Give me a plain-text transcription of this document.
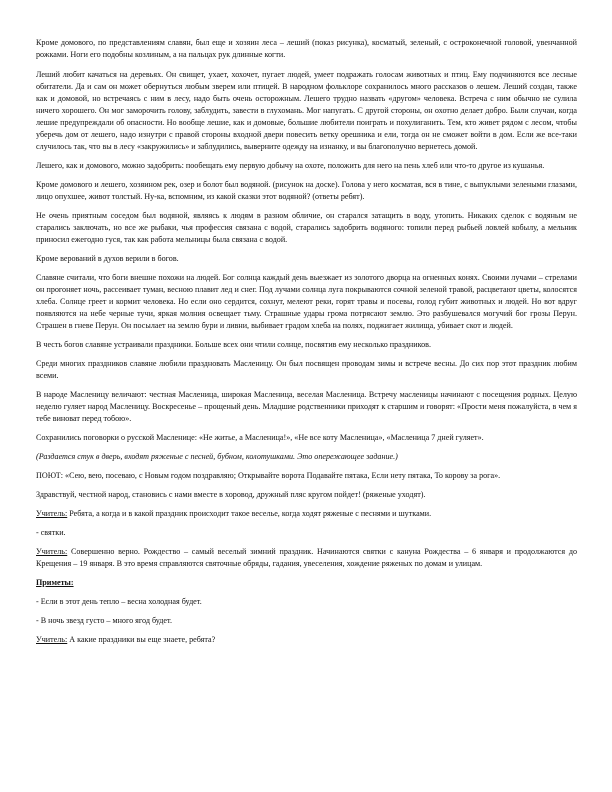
Кроме домового, по представлениям славян, был еще и хозяин леса – леший (показ рисунка), косматый, зеленый, с остроконечной головой, увенчанной рожками. Ноги его подобны козлиным, а на пальцах рук длинные когти.

Леший любит качаться на деревьях. Он свищет, ухает, хохочет, пугает людей, умеет подражать голосам животных и птиц. Ему подчиняются все лесные обитатели. Да и сам он может обернуться любым зверем или птицей. В народном фольклоре сохранилось много рассказов о лешем. Леший создан, также как и домовой, но встречаясь с ним в лесу, надо быть очень осторожным. Лешего трудно назвать «другом» человека. Встреча с ним обычно не сулила ничего хорошего. Он мог заморочить голову, заблудить, завести в глухомань. Мог напугать. С другой стороны, он охотно делает добро. Были случаи, когда лешие предупреждали об опасности. Но вообще лешие, как и домовые, большие любители поиграть и похулиганить. Тем, кто живет рядом с лесом, чтобы уберечь дом от лешего, надо изнутри с правой стороны входной двери повесить ветку орешника и ели, тогда он не сможет войти в дом. Если же все-таки случилось так, что вы в лесу «закружились» и заблудились, выверните одежду на изнанку, и вы благополучно вернетесь домой.

Лешего, как и домового, можно задобрить: пообещать ему первую добычу на охоте, положить для него на пень хлеб или что-то другое из кушанья.

Кроме домового и лешего, хозяином рек, озер и болот был водяной. (рисунок на доске). Голова у него косматая, вся в тине, с выпуклыми зелеными глазами, лицо опухшее, живот толстый. Ну-ка, вспомним, из какой сказки этот водяной? (ответы ребят).

Не очень приятным соседом был водяной, являясь к людям в разном обличие, он старался затащить в воду, утопить. Никаких сделок с водяным не старались заключать, но все же рыбаки, чья профессия связана с водой, старались задобрить водяного: топили перед рыбьей ловлей кобылу, а мельник приносил ежегодно гуся, так как работа мельницы была связана с водой.

Кроме верований в духов верили в богов.

Славяне считали, что боги внешне похожи на людей. Бог солнца каждый день выезжает из золотого дворца на огненных конях. Своими лучами – стрелами он прогоняет ночь, рассеивает туман, весною плавит лед и снег. Под лучами солнца луга покрываются сочной зеленой травой, расцветают цветы, колосятся хлеба. Солнце греет и кормит человека. Но если оно сердится, сохнут, мелеют реки, горят травы и посевы, голод губит животных и людей. Но вот вдруг появляются на небе черные тучи, яркая молния освещает тьму. Страшные удары грома потрясают землю. Это разбушевался могучий бог грозы Перун. Страшен в гневе Перун. Он посылает на землю бури и ливни, выбивает градом хлеба на полях, поджигает жилища, убивает скот и людей.

В честь богов славяне устраивали праздники. Больше всех они чтили солнце, посвятив ему несколько праздников.

Среди многих праздников славяне любили праздновать Масленицу. Он был посвящен проводам зимы и встрече весны. До сих пор этот праздник любим всеми.

В народе Масленицу величают: честная Масленица, широкая Масленица, веселая Масленица. Встречу масленицы начинают с посещения родных. Целую неделю гуляет народ Масленицу. Воскресенье – прощеный день. Младшие родственники приходят к старшим и говорят: «Прости меня пожалуйста, в чем я тебе виноват перед тобою».

Сохранились поговорки о русской Масленице: «Не житье, а Масленица!», «Не все коту Масленица», «Масленица 7 дней гуляет».

(Раздается стук в дверь, входят ряженые с песней, бубном, колотушками. Это опережающее задание.)

ПОЮТ: «Сею, вею, посеваю, с Новым годом поздравляю; Открывайте ворота Подавайте пятака, Если нету пятака, То корову за рога».

Здравствуй, честной народ, становись с нами вместе в хоровод, дружный пляс кругом пойдет! (ряженые уходят).

Учитель: Ребята, а когда и в какой праздник происходит такое веселье, когда ходят ряженые с песнями и шутками.

- святки.

Учитель: Совершенно верно. Рождество – самый веселый зимний праздник. Начинаются святки с кануна Рождества – 6 января и продолжаются до Крещения – 19 января. В это время справляются святочные обряды, гадания, увеселения, хождение ряженых по домам и улицам.

Приметы:

- Если в этот день тепло – весна холодная будет.

- В ночь звезд густо – много ягод будет.

Учитель: А какие праздники вы еще знаете, ребята?
